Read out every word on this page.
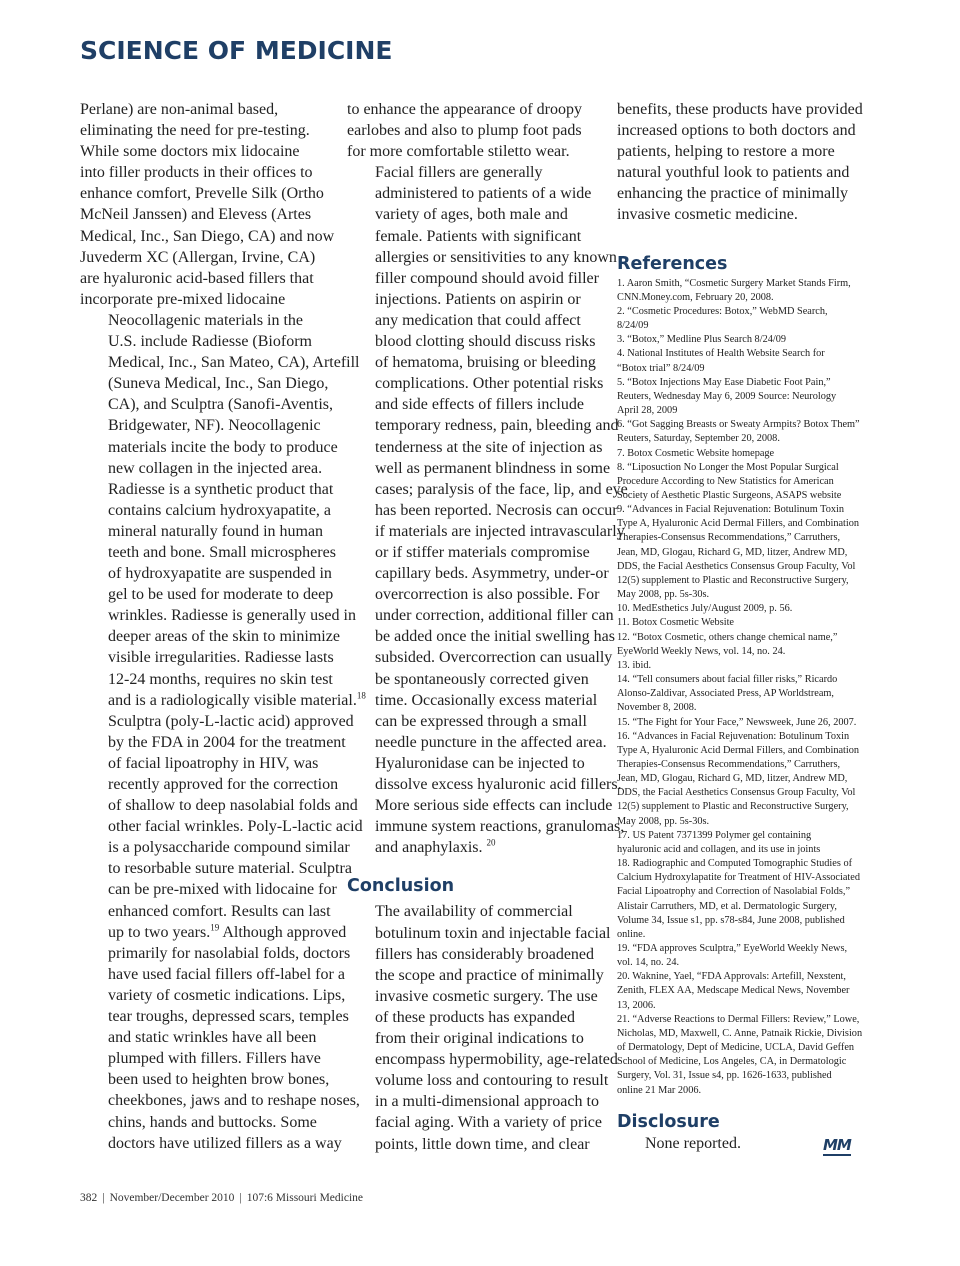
SCIENCE OF MEDICINE

Perlane) are non-animal based,
eliminating the need for pre-testing.
While some doctors mix lidocaine
into filler products in their offices to
enhance comfort, Prevelle Silk (Ortho
McNeil Janssen) and Elevess (Artes
Medical, Inc., San Diego, CA) and now
Juvederm XC (Allergan, Irvine, CA)
are hyaluronic acid-based fillers that
incorporate pre-mixed lidocaine

Neocollagenic materials in the
U.S. include Radiesse (Bioform
Medical, Inc., San Mateo, CA), Artefill
(Suneva Medical, Inc., San Diego,
CA), and Sculptra (Sanofi-Aventis,
Bridgewater, NF). Neocollagenic
materials incite the body to produce
new collagen in the injected area.
Radiesse is a synthetic product that
contains calcium hydroxyapatite, a
mineral naturally found in human
teeth and bone. Small microspheres
of hydroxyapatite are suspended in
gel to be used for moderate to deep
wrinkles. Radiesse is generally used in
deeper areas of the skin to minimize
visible irregularities. Radiesse lasts
12-24 months, requires no skin test
and is a radiologically visible material.$^{18}$
Sculptra (poly-L-lactic acid) approved
by the FDA in 2004 for the treatment
of facial lipoatrophy in HIV, was
recently approved for the correction
of shallow to deep nasolabial folds and
other facial wrinkles. Poly-L-lactic acid
is a polysaccharide compound similar
to resorbable suture material. Sculptra
can be pre-mixed with lidocaine for
enhanced comfort. Results can last
up to two years.$^{19}$ Although approved
primarily for nasolabial folds, doctors
have used facial fillers off-label for a
variety of cosmetic indications. Lips,
tear troughs, depressed scars, temples
and static wrinkles have all been
plumped with fillers. Fillers have
been used to heighten brow bones,
cheekbones, jaws and to reshape noses,
chins, hands and buttocks. Some
doctors have utilized fillers as a way

to enhance the appearance of droopy
earlobes and also to plump foot pads
for more comfortable stiletto wear.

Facial fillers are generally
administered to patients of a wide
variety of ages, both male and
female. Patients with significant
allergies or sensitivities to any known
filler compound should avoid filler
injections. Patients on aspirin or
any medication that could affect
blood clotting should discuss risks
of hematoma, bruising or bleeding
complications. Other potential risks
and side effects of fillers include
temporary redness, pain, bleeding and
tenderness at the site of injection as
well as permanent blindness in some
cases; paralysis of the face, lip, and eye
has been reported. Necrosis can occur
if materials are injected intravascularly
or if stiffer materials compromise
capillary beds. Asymmetry, under-or
overcorrection is also possible. For
under correction, additional filler can
be added once the initial swelling has
subsided. Overcorrection can usually
be spontaneously corrected given
time. Occasionally excess material
can be expressed through a small
needle puncture in the affected area.
Hyaluronidase can be injected to
dissolve excess hyaluronic acid fillers.
More serious side effects can include
immune system reactions, granulomas,
and anaphylaxis. $^{20}$

Conclusion

The availability of commercial
botulinum toxin and injectable facial
fillers has considerably broadened
the scope and practice of minimally
invasive cosmetic surgery. The use
of these products has expanded
from their original indications to
encompass hypermobility, age-related
volume loss and contouring to result
in a multi-dimensional approach to
facial aging. With a variety of price
points, little down time, and clear

benefits, these products have provided
increased options to both doctors and
patients, helping to restore a more
natural youthful look to patients and
enhancing the practice of minimally
invasive cosmetic medicine.

References
1. Aaron Smith, “Cosmetic Surgery Market Stands Firm,
CNN.Money.com, February 20, 2008.
2. “Cosmetic Procedures: Botox,” WebMD Search,
8/24/09
3. “Botox,” Medline Plus Search 8/24/09
4. National Institutes of Health Website Search for
“Botox trial” 8/24/09
5. “Botox Injections May Ease Diabetic Foot Pain,”
Reuters, Wednesday May 6, 2009 Source: Neurology
April 28, 2009
6. “Got Sagging Breasts or Sweaty Armpits? Botox Them”
Reuters, Saturday, September 20, 2008.
7. Botox Cosmetic Website homepage
8. “Liposuction No Longer the Most Popular Surgical
Procedure According to New Statistics for American
Society of Aesthetic Plastic Surgeons, ASAPS website
9. “Advances in Facial Rejuvenation: Botulinum Toxin
Type A, Hyaluronic Acid Dermal Fillers, and Combination
Therapies-Consensus Recommendations,” Carruthers,
Jean, MD, Glogau, Richard G, MD, litzer, Andrew MD,
DDS, the Facial Aesthetics Consensus Group Faculty, Vol
12(5) supplement to Plastic and Reconstructive Surgery,
May 2008, pp. 5s-30s.
10. MedEsthetics July/August 2009, p. 56.
11. Botox Cosmetic Website
12. “Botox Cosmetic, others change chemical name,”
EyeWorld Weekly News, vol. 14, no. 24.
13. ibid.
14. “Tell consumers about facial filler risks,” Ricardo
Alonso-Zaldivar, Associated Press, AP Worldstream,
November 8, 2008.
15. “The Fight for Your Face,” Newsweek, June 26, 2007.
16. “Advances in Facial Rejuvenation: Botulinum Toxin
Type A, Hyaluronic Acid Dermal Fillers, and Combination
Therapies-Consensus Recommendations,” Carruthers,
Jean, MD, Glogau, Richard G, MD, litzer, Andrew MD,
DDS, the Facial Aesthetics Consensus Group Faculty, Vol
12(5) supplement to Plastic and Reconstructive Surgery,
May 2008, pp. 5s-30s.
17. US Patent 7371399 Polymer gel containing
hyaluronic acid and collagen, and its use in joints
18. Radiographic and Computed Tomographic Studies of
Calcium Hydroxylapatite for Treatment of HIV-Associated
Facial Lipoatrophy and Correction of Nasolabial Folds,”
Alistair Carruthers, MD, et al. Dermatologic Surgery,
Volume 34, Issue s1, pp. s78-s84, June 2008, published
online.
19. “FDA approves Sculptra,” EyeWorld Weekly News,
vol. 14, no. 24.
20. Waknine, Yael, “FDA Approvals: Artefill, Nexstent,
Zenith, FLEX AA, Medscape Medical News, November
13, 2006.
21. “Adverse Reactions to Dermal Fillers: Review,” Lowe,
Nicholas, MD, Maxwell, C. Anne, Patnaik Rickie, Division
of Dermatology, Dept of Medicine, UCLA, David Geffen
School of Medicine, Los Angeles, CA, in Dermatologic
Surgery, Vol. 31, Issue s4, pp. 1626-1633, published
online 21 Mar 2006.
Disclosure

None reported.	MM
382 | November/December 2010 | 107:6 Missouri Medicine
